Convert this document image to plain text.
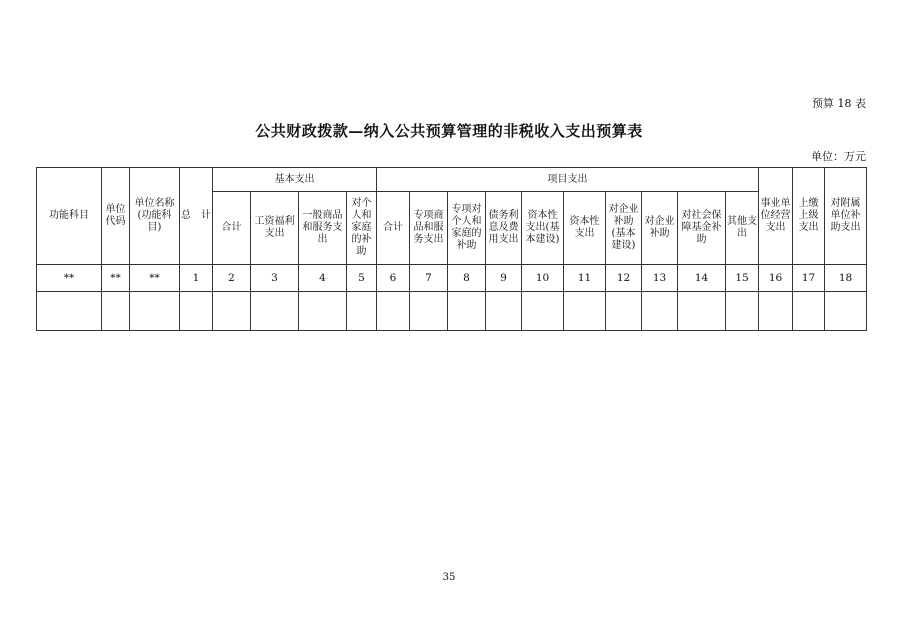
预算 18 表
公共财政拨款—纳入公共预算管理的非税收入支出预算表
单位：万元
功能科目	单位代码	单位名称(功能科目)	总　计	基本支出				项目支出										事业单位经营支出	上缴上级支出	对附属单位补助支出
				合计	工资福利支出	一般商品和服务支出	对个人和家庭的补助	合计	专项商品和服务支出	专项对个人和家庭的补助	债务利息及费用支出	资本性支出(基本建设)	资本性支出	对企业补助(基本建设)	对企业补助	对社会保障基金补助	其他支出			
**	**	**	1	2	3	4	5	6	7	8	9	10	11	12	13	14	15	16	17	18

35
